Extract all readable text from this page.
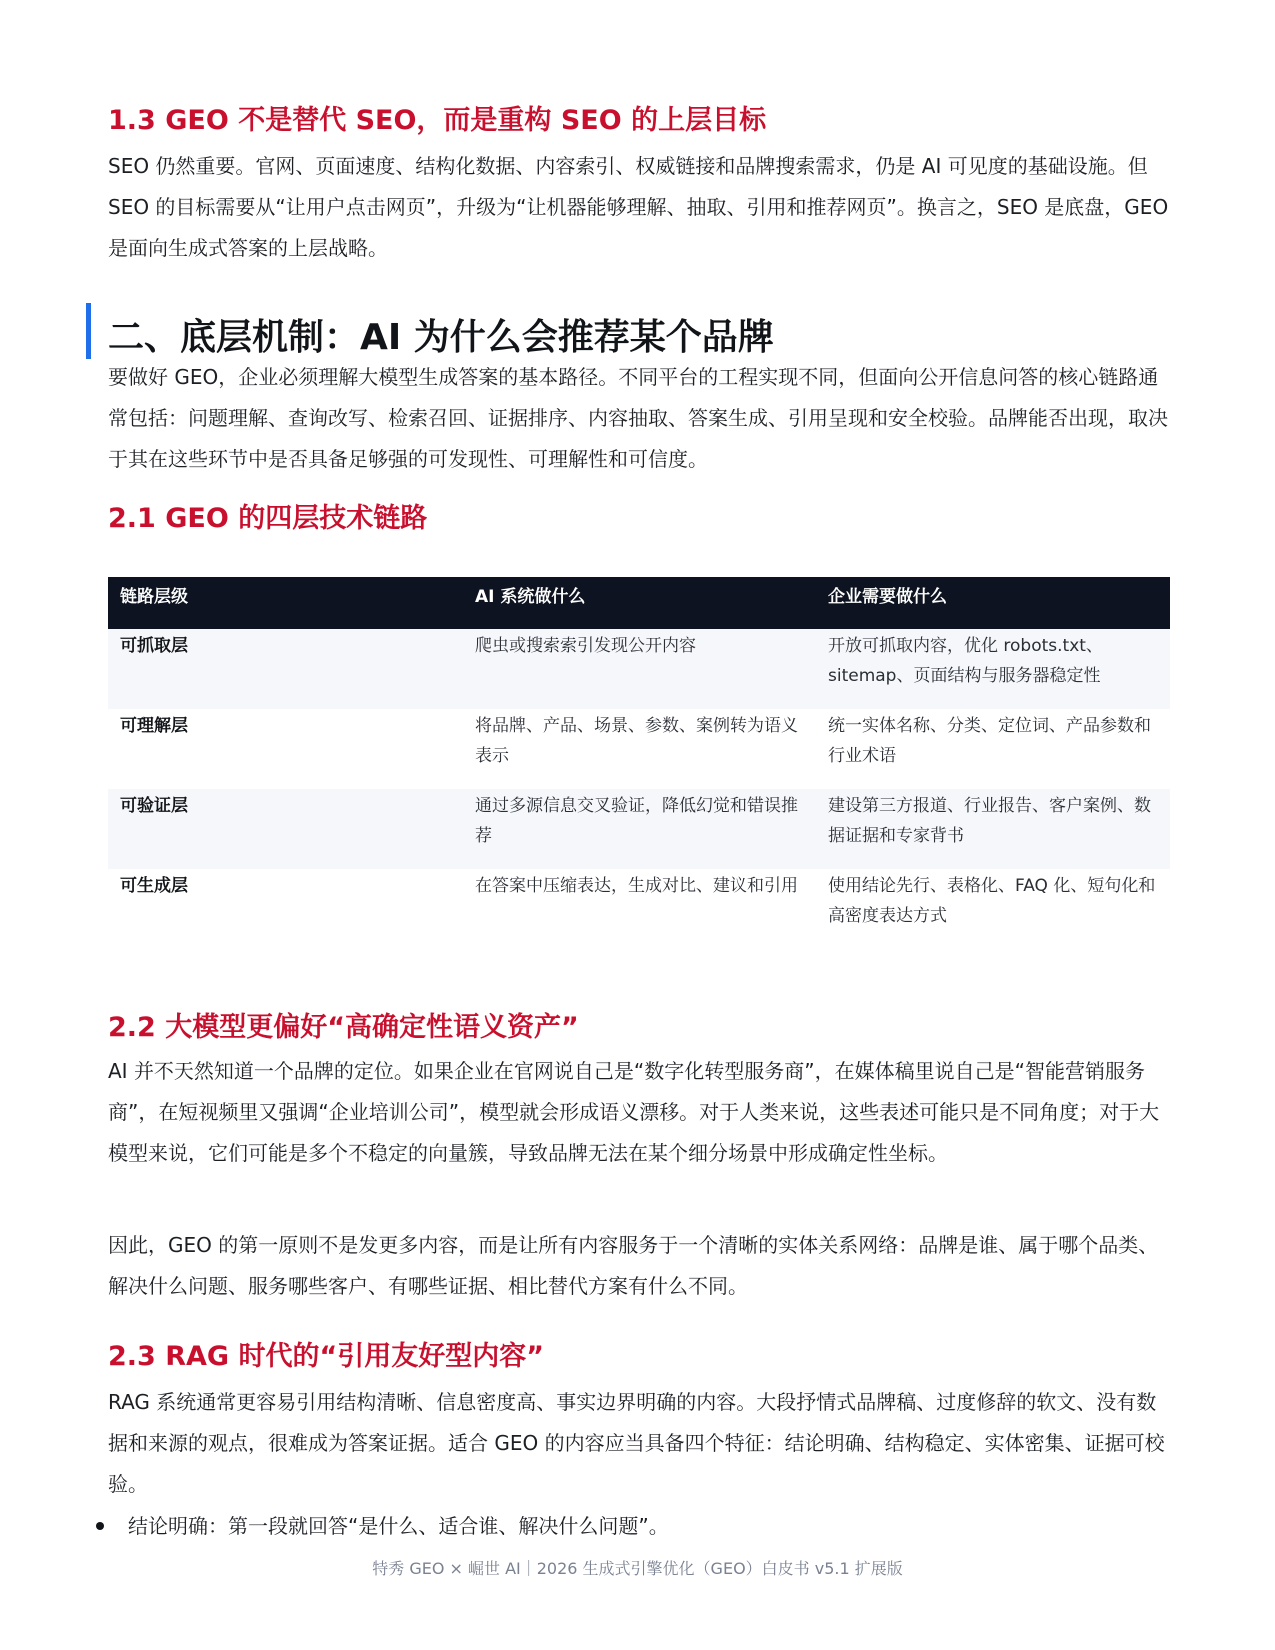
1.3 GEO 不是替代 SEO，而是重构 SEO 的上层目标

SEO 仍然重要。官网、页面速度、结构化数据、内容索引、权威链接和品牌搜索需求，仍是 AI 可见度的基础设施。但 SEO 的目标需要从“让用户点击网页”，升级为“让机器能够理解、抽取、引用和推荐网页”。换言之，SEO 是底盘，GEO 是面向生成式答案的上层战略。

二、底层机制：AI 为什么会推荐某个品牌

要做好 GEO，企业必须理解大模型生成答案的基本路径。不同平台的工程实现不同，但面向公开信息问答的核心链路通常包括：问题理解、查询改写、检索召回、证据排序、内容抽取、答案生成、引用呈现和安全校验。品牌能否出现，取决于其在这些环节中是否具备足够强的可发现性、可理解性和可信度。

2.1 GEO 的四层技术链路
链路层级	AI 系统做什么	企业需要做什么
可抓取层	爬虫或搜索索引发现公开内容	开放可抓取内容，优化 robots.txt、sitemap、页面结构与服务器稳定性
可理解层	将品牌、产品、场景、参数、案例转为语义表示	统一实体名称、分类、定位词、产品参数和行业术语
可验证层	通过多源信息交叉验证，降低幻觉和错误推荐	建设第三方报道、行业报告、客户案例、数据证据和专家背书
可生成层	在答案中压缩表达，生成对比、建议和引用	使用结论先行、表格化、FAQ 化、短句化和高密度表达方式
2.2 大模型更偏好“高确定性语义资产”

AI 并不天然知道一个品牌的定位。如果企业在官网说自己是“数字化转型服务商”，在媒体稿里说自己是“智能营销服务商”，在短视频里又强调“企业培训公司”，模型就会形成语义漂移。对于人类来说，这些表述可能只是不同角度；对于大模型来说，它们可能是多个不稳定的向量簇，导致品牌无法在某个细分场景中形成确定性坐标。

因此，GEO 的第一原则不是发更多内容，而是让所有内容服务于一个清晰的实体关系网络：品牌是谁、属于哪个品类、解决什么问题、服务哪些客户、有哪些证据、相比替代方案有什么不同。

2.3 RAG 时代的“引用友好型内容”

RAG 系统通常更容易引用结构清晰、信息密度高、事实边界明确的内容。大段抒情式品牌稿、过度修辞的软文、没有数据和来源的观点，很难成为答案证据。适合 GEO 的内容应当具备四个特征：结论明确、结构稳定、实体密集、证据可校验。

结论明确：第一段就回答“是什么、适合谁、解决什么问题”。
特秀 GEO × 崛世 AI｜2026 生成式引擎优化（GEO）白皮书 v5.1 扩展版
